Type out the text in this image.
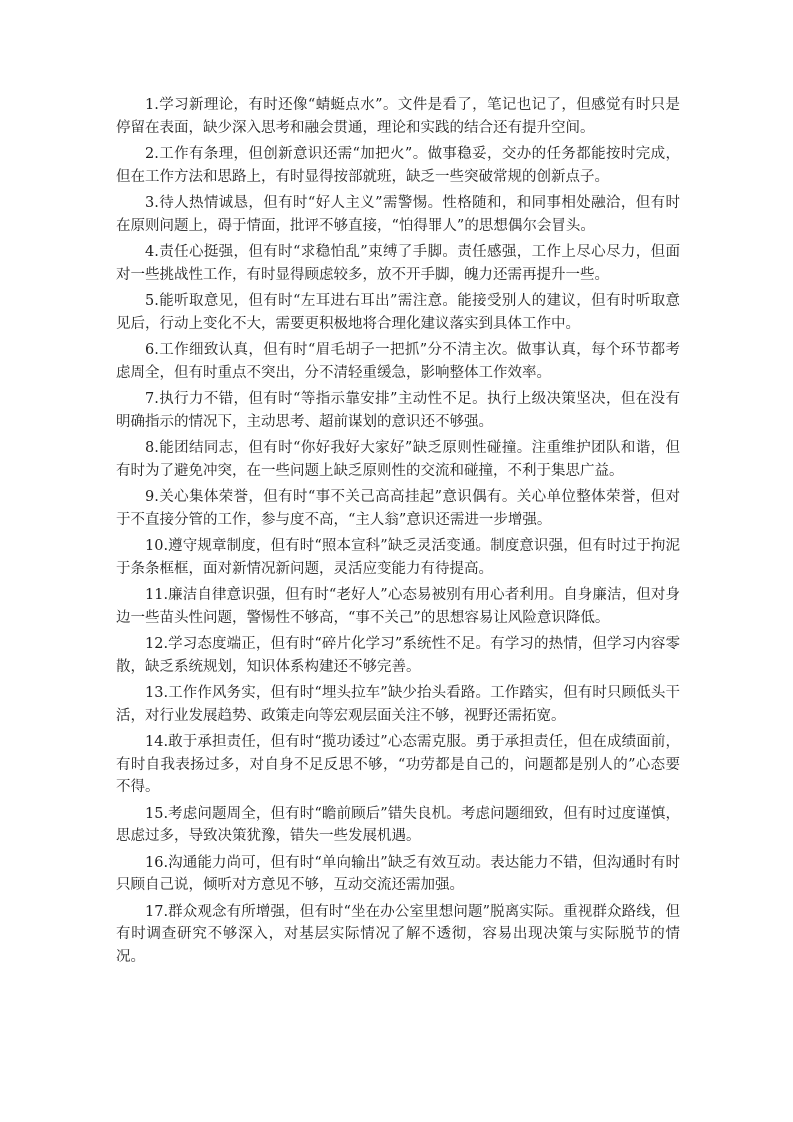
1.学习新理论，有时还像“蜻蜓点水”。文件是看了，笔记也记了，但感觉有时只是停留在表面，缺少深入思考和融会贯通，理论和实践的结合还有提升空间。

2.工作有条理，但创新意识还需“加把火”。做事稳妥，交办的任务都能按时完成，但在工作方法和思路上，有时显得按部就班，缺乏一些突破常规的创新点子。

3.待人热情诚恳，但有时“好人主义”需警惕。性格随和，和同事相处融洽，但有时在原则问题上，碍于情面，批评不够直接，“怕得罪人”的思想偶尔会冒头。

4.责任心挺强，但有时“求稳怕乱”束缚了手脚。责任感强，工作上尽心尽力，但面对一些挑战性工作，有时显得顾虑较多，放不开手脚，魄力还需再提升一些。

5.能听取意见，但有时“左耳进右耳出”需注意。能接受别人的建议，但有时听取意见后，行动上变化不大，需要更积极地将合理化建议落实到具体工作中。

6.工作细致认真，但有时“眉毛胡子一把抓”分不清主次。做事认真，每个环节都考虑周全，但有时重点不突出，分不清轻重缓急，影响整体工作效率。

7.执行力不错，但有时“等指示靠安排”主动性不足。执行上级决策坚决，但在没有明确指示的情况下，主动思考、超前谋划的意识还不够强。

8.能团结同志，但有时“你好我好大家好”缺乏原则性碰撞。注重维护团队和谐，但有时为了避免冲突，在一些问题上缺乏原则性的交流和碰撞，不利于集思广益。

9.关心集体荣誉，但有时“事不关己高高挂起”意识偶有。关心单位整体荣誉，但对于不直接分管的工作，参与度不高，“主人翁”意识还需进一步增强。

10.遵守规章制度，但有时“照本宣科”缺乏灵活变通。制度意识强，但有时过于拘泥于条条框框，面对新情况新问题，灵活应变能力有待提高。

11.廉洁自律意识强，但有时“老好人”心态易被别有用心者利用。自身廉洁，但对身边一些苗头性问题，警惕性不够高，“事不关己”的思想容易让风险意识降低。

12.学习态度端正，但有时“碎片化学习”系统性不足。有学习的热情，但学习内容零散，缺乏系统规划，知识体系构建还不够完善。

13.工作作风务实，但有时“埋头拉车”缺少抬头看路。工作踏实，但有时只顾低头干活，对行业发展趋势、政策走向等宏观层面关注不够，视野还需拓宽。

14.敢于承担责任，但有时“揽功诿过”心态需克服。勇于承担责任，但在成绩面前，有时自我表扬过多，对自身不足反思不够，“功劳都是自己的，问题都是别人的”心态要不得。

15.考虑问题周全，但有时“瞻前顾后”错失良机。考虑问题细致，但有时过度谨慎，思虑过多，导致决策犹豫，错失一些发展机遇。

16.沟通能力尚可，但有时“单向输出”缺乏有效互动。表达能力不错，但沟通时有时只顾自己说，倾听对方意见不够，互动交流还需加强。

17.群众观念有所增强，但有时“坐在办公室里想问题”脱离实际。重视群众路线，但有时调查研究不够深入，对基层实际情况了解不透彻，容易出现决策与实际脱节的情况。
